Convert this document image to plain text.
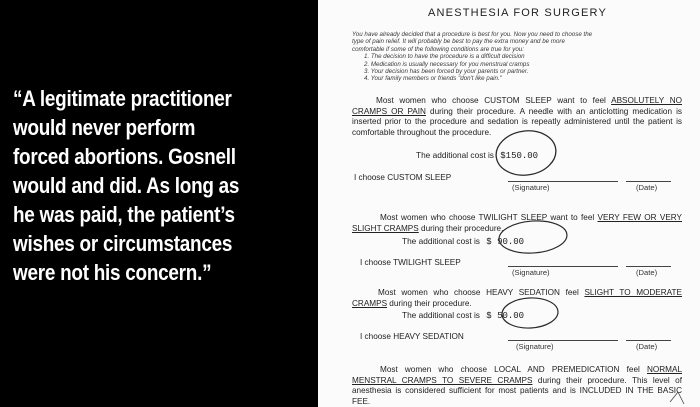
“A legitimate practitioner
would never perform
forced abortions. Gosnell
would and did. As long as
he was paid, the patient’s
wishes or circumstances
were not his concern.”
ANESTHESIA FOR SURGERY
You have already decided that a procedure is best for you. Now you need to choose the
type of pain relief. It will probably be best to pay the extra money and be more
comfortable if some of the following conditions are true for you:
1. The decision to have the procedure is a difficult decision
2. Medication is usually necessary for you menstrual cramps
3. Your decision has been forced by your parents or partner.
4. Your family members or friends "don't like pain."
Most women who choose CUSTOM SLEEP want to feel ABSOLUTELY NO CRAMPS OR PAIN during their procedure. A needle with an anticlotting medication is inserted prior to the procedure and sedation is repeatly administered until the patient is comfortable throughout the procedure.
The additional cost is $150.00
I choose CUSTOM SLEEP
(Signature)	(Date)
Most women who choose TWILIGHT SLEEP want to feel VERY FEW OR VERY SLIGHT CRAMPS during their procedure.
The additional cost is $ 90.00
I choose TWILIGHT SLEEP
(Signature)	(Date)
Most women who choose HEAVY SEDATION feel SLIGHT TO MODERATE CRAMPS during their procedure.
The additional cost is $ 50.00
I choose HEAVY SEDATION
(Signature)	(Date)
Most women who choose LOCAL AND PREMEDICATION feel NORMAL MENSTRAL CRAMPS TO SEVERE CRAMPS during their procedure. This level of anesthesia is considered sufficient for most patients and is INCLUDED IN THE BASIC FEE.
